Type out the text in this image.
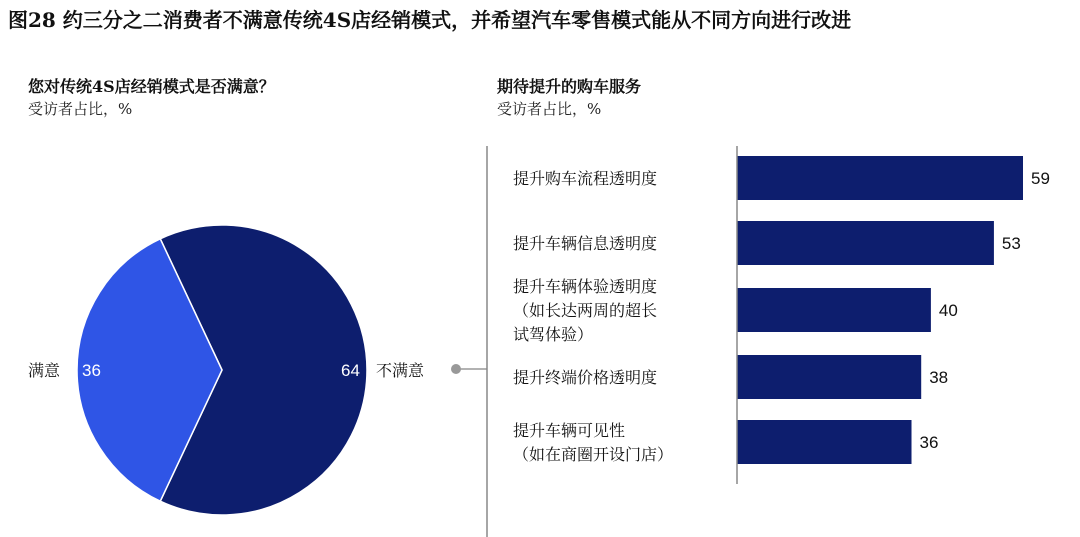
图28 约三分之二消费者不满意传统4S店经销模式，并希望汽车零售模式能从不同方向进行改进
您对传统4S店经销模式是否满意？
受访者占比，%
期待提升的购车服务
受访者占比，%
满意 36	64 不满意
59
提升购车流程透明度
53
提升车辆信息透明度
40
提升车辆体验透明度
（如长达两周的超长
试驾体验）
38
提升终端价格透明度
36
提升车辆可见性
（如在商圈开设门店）
